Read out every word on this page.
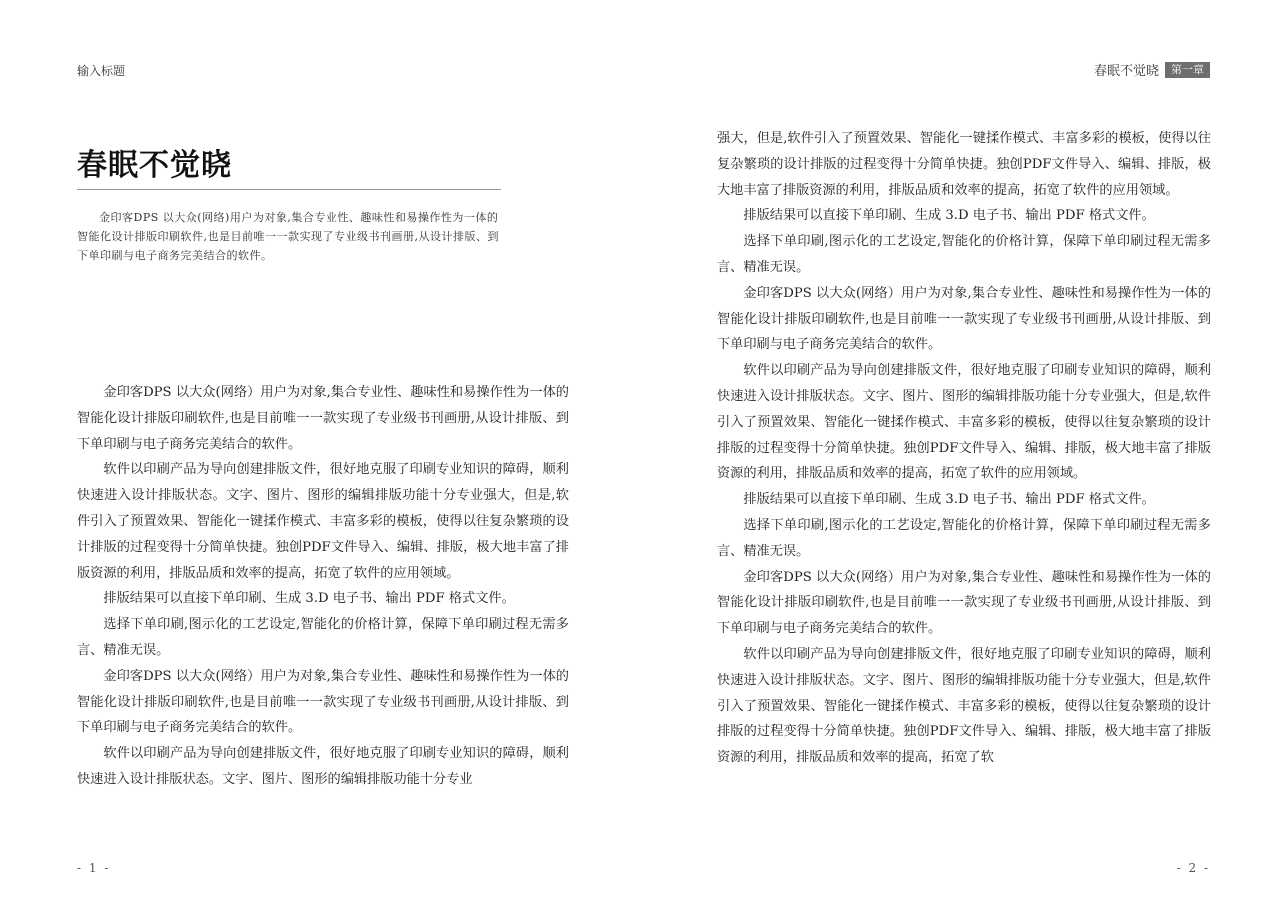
输入标题
春眠不觉晓
金印客DPS 以大众(网络)用户为对象,集合专业性、趣味性和易操作性为一体的智能化设计排版印刷软件,也是目前唯一一款实现了专业级书刊画册,从设计排版、到下单印刷与电子商务完美结合的软件。

金印客DPS 以大众(网络）用户为对象,集合专业性、趣味性和易操作性为一体的智能化设计排版印刷软件,也是目前唯一一款实现了专业级书刊画册,从设计排版、到下单印刷与电子商务完美结合的软件。

软件以印刷产品为导向创建排版文件，很好地克服了印刷专业知识的障碍，顺利快速进入设计排版状态。文字、图片、图形的编辑排版功能十分专业强大，但是,软件引入了预置效果、智能化一键揉作模式、丰富多彩的模板，使得以往复杂繁琐的设计排版的过程变得十分简单快捷。独创PDF文件导入、编辑、排版，极大地丰富了排版资源的利用，排版品质和效率的提高，拓宽了软件的应用领域。

排版结果可以直接下单印刷、生成 3.D 电子书、输出 PDF 格式文件。

选择下单印刷,图示化的工艺设定,智能化的价格计算，保障下单印刷过程无需多言、精准无误。

金印客DPS 以大众(网络）用户为对象,集合专业性、趣味性和易操作性为一体的智能化设计排版印刷软件,也是目前唯一一款实现了专业级书刊画册,从设计排版、到下单印刷与电子商务完美结合的软件。

软件以印刷产品为导向创建排版文件，很好地克服了印刷专业知识的障碍，顺利快速进入设计排版状态。文字、图片、图形的编辑排版功能十分专业

- 1 -
春眠不觉晓	第一章

强大，但是,软件引入了预置效果、智能化一键揉作模式、丰富多彩的模板，使得以往复杂繁琐的设计排版的过程变得十分简单快捷。独创PDF文件导入、编辑、排版，极大地丰富了排版资源的利用，排版品质和效率的提高，拓宽了软件的应用领域。

排版结果可以直接下单印刷、生成 3.D 电子书、输出 PDF 格式文件。

选择下单印刷,图示化的工艺设定,智能化的价格计算，保障下单印刷过程无需多言、精准无误。

金印客DPS 以大众(网络）用户为对象,集合专业性、趣味性和易操作性为一体的智能化设计排版印刷软件,也是目前唯一一款实现了专业级书刊画册,从设计排版、到下单印刷与电子商务完美结合的软件。

软件以印刷产品为导向创建排版文件，很好地克服了印刷专业知识的障碍，顺利快速进入设计排版状态。文字、图片、图形的编辑排版功能十分专业强大，但是,软件引入了预置效果、智能化一键揉作模式、丰富多彩的模板，使得以往复杂繁琐的设计排版的过程变得十分简单快捷。独创PDF文件导入、编辑、排版，极大地丰富了排版资源的利用，排版品质和效率的提高，拓宽了软件的应用领域。

排版结果可以直接下单印刷、生成 3.D 电子书、输出 PDF 格式文件。

选择下单印刷,图示化的工艺设定,智能化的价格计算，保障下单印刷过程无需多言、精准无误。

金印客DPS 以大众(网络）用户为对象,集合专业性、趣味性和易操作性为一体的智能化设计排版印刷软件,也是目前唯一一款实现了专业级书刊画册,从设计排版、到下单印刷与电子商务完美结合的软件。

软件以印刷产品为导向创建排版文件，很好地克服了印刷专业知识的障碍，顺利快速进入设计排版状态。文字、图片、图形的编辑排版功能十分专业强大，但是,软件引入了预置效果、智能化一键揉作模式、丰富多彩的模板，使得以往复杂繁琐的设计排版的过程变得十分简单快捷。独创PDF文件导入、编辑、排版，极大地丰富了排版资源的利用，排版品质和效率的提高，拓宽了软

- 2 -
